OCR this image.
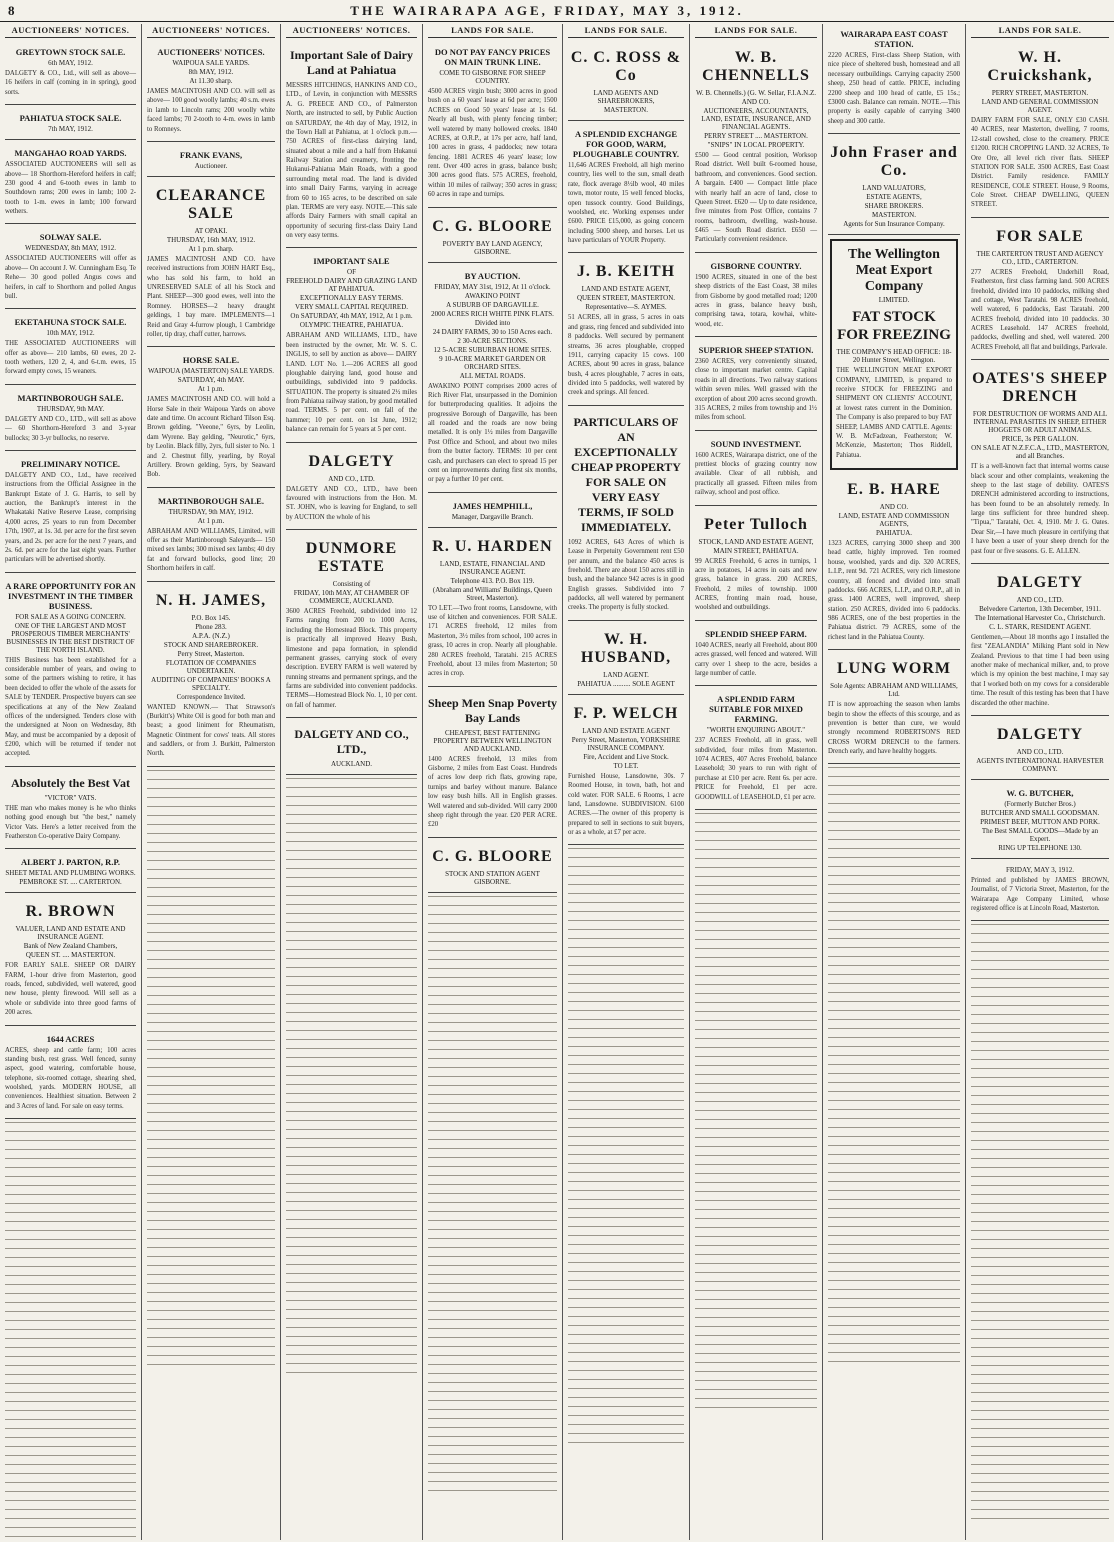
8	THE WAIRARAPA AGE, FRIDAY, MAY 3, 1912.
AUCTIONEERS' NOTICES.
GREYTOWN STOCK SALE.
6th MAY, 1912.

DALGETY & CO., Ltd., will sell as above— 16 heifers in calf (coming in in spring), good sorts.

PAHIATUA STOCK SALE.
7th MAY, 1912.
MANGAHAO ROAD YARDS.

ASSOCIATED AUCTIONEERS will sell as above— 18 Shorthorn-Hereford heifers in calf; 230 good 4 and 6-tooth ewes in lamb to Southdown rams; 200 ewes in lamb; 100 2-tooth to 1-m. ewes in lamb; 100 forward wethers.

SOLWAY SALE.
WEDNESDAY, 8th MAY, 1912.

ASSOCIATED AUCTIONEERS will offer as above— On account J. W. Cunningham Esq. Te Rehe— 30 good polled Angus cows and heifers, in calf to Shorthorn and polled Angus bull.

EKETAHUNA STOCK SALE.
10th MAY, 1912.

THE ASSOCIATED AUCTIONEERS will offer as above— 210 lambs, 60 ewes, 20 2-tooth wethers, 120 2, 4, and 6-t.m. ewes, 15 forward empty cows, 15 weaners.

MARTINBOROUGH SALE.
THURSDAY, 9th MAY.

DALGETY AND CO., LTD., will sell as above— 60 Shorthorn-Hereford 3 and 3-year bullocks; 30 3-yr bullocks, no reserve.

PRELIMINARY NOTICE.

DALGETY AND CO., Ltd., have received instructions from the Official Assignee in the Bankrupt Estate of J. G. Harris, to sell by auction, the Bankrupt's interest in the Whakataki Native Reserve Lease, comprising 4,000 acres, 25 years to run from December 17th, 1907, at 1s. 3d. per acre for the first seven years, and 2s. per acre for the next 7 years, and 2s. 6d. per acre for the last eight years. Further particulars will be advertised shortly.

A RARE OPPORTUNITY FOR AN INVESTMENT IN THE TIMBER BUSINESS.
FOR SALE AS A GOING CONCERN.
ONE OF THE LARGEST AND MOST PROSPEROUS TIMBER MERCHANTS' BUSINESSES IN THE BEST DISTRICT OF THE NORTH ISLAND.

THIS Business has been established for a considerable number of years, and owing to some of the partners wishing to retire, it has been decided to offer the whole of the assets for SALE by TENDER. Prospective buyers can see specifications at any of the New Zealand offices of the undersigned. Tenders close with the undersigned at Noon on Wednesday, 8th May, and must be accompanied by a deposit of £200, which will be returned if tender not accepted.

Absolutely the Best Vat
"VICTOR" VATS.

THE man who makes money is he who thinks nothing good enough but "the best," namely Victor Vats. Here's a letter received from the Featherston Co-operative Dairy Company.

ALBERT J. PARTON, R.P.
SHEET METAL AND PLUMBING WORKS.
PEMBROKE ST. .... CARTERTON.
R. BROWN
VALUER, LAND AND ESTATE AND INSURANCE AGENT.
Bank of New Zealand Chambers,
QUEEN ST. .... MASTERTON.

FOR EARLY SALE. SHEEP OR DAIRY FARM, 1-hour drive from Masterton, good roads, fenced, subdivided, well watered, good new house, plenty firewood. Will sell as a whole or subdivide into three good farms of 200 acres.

1644 ACRES

ACRES, sheep and cattle farm; 100 acres standing bush, rest grass. Well fenced, sunny aspect, good watering, comfortable house, telephone, six-roomed cottage, shearing shed, woolshed, yards. MODERN HOUSE, all conveniences. Healthiest situation. Between 2 and 3 Acres of land. For sale on easy terms.

AUCTIONEERS' NOTICES.
AUCTIONEERS' NOTICES.
WAIPOUA SALE YARDS.
8th MAY, 1912.
At 11.30 sharp.

JAMES MACINTOSH AND CO. will sell as above— 100 good woolly lambs; 40 s.m. ewes in lamb to Lincoln rams; 200 woolly white faced lambs; 70 2-tooth to 4-m. ewes in lamb to Romneys.

FRANK EVANS,
Auctioneer.
CLEARANCE SALE
AT OPAKI.
THURSDAY, 16th MAY, 1912.
At 1 p.m. sharp.

JAMES MACINTOSH AND CO. have received instructions from JOHN HART Esq., who has sold his farm, to hold an UNRESERVED SALE of all his Stock and Plant. SHEEP—300 good ewes, well into the Romney. HORSES—2 heavy draught geldings, 1 bay mare. IMPLEMENTS—1 Reid and Gray 4-furrow plough, 1 Cambridge roller, tip dray, chaff cutter, harrows.

HORSE SALE.
WAIPOUA (MASTERTON) SALE YARDS.
SATURDAY, 4th MAY.
At 1 p.m.

JAMES MACINTOSH AND CO. will hold a Horse Sale in their Waipoua Yards on above date and time. On account Richard Tilson Esq. Brown gelding, "Veeone," 6yrs, by Leolin, dam Wyrene. Bay gelding, "Neurotic," 6yrs, by Leolin. Black filly, 2yrs, full sister to No. 1 and 2. Chestnut filly, yearling, by Royal Artillery. Brown gelding, 5yrs, by Seaward Bob.

MARTINBOROUGH SALE.
THURSDAY, 9th MAY, 1912.
At 1 p.m.

ABRAHAM AND WILLIAMS, Limited, will offer as their Martinborough Saleyards— 150 mixed sex lambs; 300 mixed sex lambs; 40 dry fat and forward bullocks, good line; 20 Shorthorn heifers in calf.

N. H. JAMES,
P.O. Box 145.
Phone 283.
A.P.A. (N.Z.)
STOCK AND SHAREBROKER.
Perry Street, Masterton.
FLOTATION OF COMPANIES UNDERTAKEN.
AUDITING OF COMPANIES' BOOKS A SPECIALTY.
Correspondence Invited.

WANTED KNOWN.— That Strawson's (Burkitt's) White Oil is good for both man and beast; a good liniment for Rheumatism, Magnetic Ointment for cows' teats. All stores and saddlers, or from J. Burkitt, Palmerston North.

AUCTIONEERS' NOTICES.
Important Sale of Dairy Land at Pahiatua

MESSRS HITCHINGS, HANKINS AND CO., LTD., of Levin, in conjunction with MESSRS A. G. PREECE AND CO., of Palmerston North, are instructed to sell, by Public Auction on SATURDAY, the 4th day of May, 1912, in the Town Hall at Pahiatua, at 1 o'clock p.m.— 750 ACRES of first-class dairying land, situated about a mile and a half from Hukanui Railway Station and creamery, fronting the Hukanui-Pahiatua Main Roads, with a good surrounding metal road. The land is divided into small Dairy Farms, varying in acreage from 60 to 165 acres, to be described on sale plan. TERMS are very easy. NOTE.—This sale affords Dairy Farmers with small capital an opportunity of securing first-class Dairy Land on very easy terms.

IMPORTANT SALE
OF
FREEHOLD DAIRY AND GRAZING LAND AT PAHIATUA.
EXCEPTIONALLY EASY TERMS.
VERY SMALL CAPITAL REQUIRED.
On SATURDAY, 4th MAY, 1912, At 1 p.m.
OLYMPIC THEATRE, PAHIATUA.

ABRAHAM AND WILLIAMS, LTD., have been instructed by the owner, Mr. W. S. C. INGLIS, to sell by auction as above— DAIRY LAND. LOT No. 1.—206 ACRES all good ploughable dairying land, good house and outbuildings, subdivided into 9 paddocks. SITUATION. The property is situated 2½ miles from Pahiatua railway station, by good metalled road. TERMS. 5 per cent. on fall of the hammer; 10 per cent. on 1st June, 1912; balance can remain for 5 years at 5 per cent.

DALGETY
AND CO., LTD.

DALGETY AND CO., LTD., have been favoured with instructions from the Hon. M. ST. JOHN, who is leaving for England, to sell by AUCTION the whole of his

DUNMORE ESTATE
Consisting of
FRIDAY, 10th MAY, AT CHAMBER OF COMMERCE, AUCKLAND.

3600 ACRES Freehold, subdivided into 12 Farms ranging from 200 to 1000 Acres, including the Homestead Block. This property is practically all improved Heavy Bush, limestone and papa formation, in splendid permanent grasses, carrying stock of every description. EVERY FARM is well watered by running streams and permanent springs, and the farms are subdivided into convenient paddocks. TERMS—Homestead Block No. 1, 10 per cent. on fall of hammer.

DALGETY AND CO., LTD.,
AUCKLAND.

LANDS FOR SALE.
DO NOT PAY FANCY PRICES ON MAIN TRUNK LINE.
COME TO GISBORNE FOR SHEEP COUNTRY.

4500 ACRES virgin bush; 3000 acres in good bush on a 60 years' lease at 6d per acre; 1500 ACRES on Good 50 years' lease at 1s 6d. Nearly all bush, with plenty fencing timber; well watered by many hollowed creeks. 1840 ACRES, at O.R.P., at 17s per acre, half land, 100 acres in grass, 4 paddocks; new totara fencing. 1881 ACRES 46 years' lease; low rent. Over 400 acres in grass, balance bush; 300 acres good flats. 575 ACRES, freehold, within 10 miles of railway; 350 acres in grass; 60 acres in rape and turnips.

C. G. BLOORE
POVERTY BAY LAND AGENCY, GISBORNE.
BY AUCTION.
FRIDAY, MAY 31st, 1912, At 11 o'clock.
AWAKINO POINT
A SUBURB OF DARGAVILLE.
2000 ACRES RICH WHITE PINK FLATS.
Divided into
24 DAIRY FARMS, 30 to 150 Acres each.
2 30-ACRE SECTIONS.
12 5-ACRE SUBURBAN HOME SITES.
9 10-ACRE MARKET GARDEN OR ORCHARD SITES.
ALL METAL ROADS.

AWAKINO POINT comprises 2000 acres of Rich River Flat, unsurpassed in the Dominion for butterproducing qualities. It adjoins the progressive Borough of Dargaville, has been all roaded and the roads are now being metalled. It is only 1½ miles from Dargaville Post Office and School, and about two miles from the butter factory. TERMS: 10 per cent cash, and purchasers can elect to spread 15 per cent on improvements during first six months, or pay a further 10 per cent.

JAMES HEMPHILL,
Manager, Dargaville Branch.
R. U. HARDEN
LAND, ESTATE, FINANCIAL AND INSURANCE AGENT.
Telephone 413. P.O. Box 119.
(Abraham and Williams' Buildings, Queen Street, Masterton).

TO LET.—Two front rooms, Lansdowne, with use of kitchen and conveniences. FOR SALE. 171 ACRES freehold, 12 miles from Masterton, 3½ miles from school, 100 acres in grass, 10 acres in crop. Nearly all ploughable. 280 ACRES freehold, Taratahi. 215 ACRES Freehold, about 13 miles from Masterton; 50 acres in crop.

Sheep Men Snap Poverty Bay Lands
CHEAPEST, BEST FATTENING PROPERTY BETWEEN WELLINGTON AND AUCKLAND.

1400 ACRES freehold, 13 miles from Gisborne, 2 miles from East Coast. Hundreds of acres low deep rich flats, growing rape, turnips and barley without manure. Balance low easy bush hills. All in English grasses. Well watered and sub-divided. Will carry 2000 sheep right through the year. £20 PER ACRE. £20

C. G. BLOORE
STOCK AND STATION AGENT GISBORNE.

LANDS FOR SALE.
C. C. ROSS & Co
LAND AGENTS AND SHAREBROKERS,
MASTERTON.
A SPLENDID EXCHANGE FOR GOOD, WARM, PLOUGHABLE COUNTRY.

11,646 ACRES Freehold, all high merino country, lies well to the sun, small death rate, flock average 8½lb wool, 40 miles town, motor route, 15 well fenced blocks, open tussock country. Good Buildings, woolshed, etc. Working expenses under £600. PRICE £15,000, as going concern including 5000 sheep, and horses. Let us have particulars of YOUR Property.

J. B. KEITH
LAND AND ESTATE AGENT,
QUEEN STREET, MASTERTON.
Representative—S. AYMES.

51 ACRES, all in grass, 5 acres in oats and grass, ring fenced and subdivided into 8 paddocks. Well secured by permanent streams, 36 acres ploughable, cropped 1911, carrying capacity 15 cows. 100 ACRES, about 90 acres in grass, balance bush, 4 acres ploughable, 7 acres in oats, divided into 5 paddocks, well watered by creek and springs. All fenced.

PARTICULARS OF AN EXCEPTIONALLY CHEAP PROPERTY FOR SALE ON VERY EASY TERMS, IF SOLD IMMEDIATELY.

1092 ACRES, 643 Acres of which is Lease in Perpetuity Government rent £50 per annum, and the balance 450 acres is freehold. There are about 150 acres still in bush, and the balance 942 acres is in good English grasses. Subdivided into 7 paddocks, all well watered by permanent creeks. The property is fully stocked.

W. H. HUSBAND,
LAND AGENT.
PAHIATUA .......... SOLE AGENT
F. P. WELCH
LAND AND ESTATE AGENT
Perry Street, Masterton, YORKSHIRE INSURANCE COMPANY.
Fire, Accident and Live Stock.
TO LET.

Furnished House, Lansdowne, 30s. 7 Roomed House, in town, bath, hot and cold water. FOR SALE. 6 Rooms, 1 acre land, Lansdowne. SUBDIVISION. 6100 ACRES.—The owner of this property is prepared to sell in sections to suit buyers, or as a whole, at £7 per acre.

LANDS FOR SALE.
W. B. CHENNELLS
W. B. Chennells.) (G. W. Sellar, F.I.A.N.Z.
AND CO.
AUCTIONEERS, ACCOUNTANTS, LAND, ESTATE, INSURANCE, AND FINANCIAL AGENTS.
PERRY STREET .... MASTERTON.
"SNIPS" IN LOCAL PROPERTY.

£500 — Good central position, Worksop Road district. Well built 6-roomed house, bathroom, and conveniences. Good section. A bargain. £400 — Compact little place with nearly half an acre of land, close to Queen Street. £620 — Up to date residence, five minutes from Post Office, contains 7 rooms, bathroom, dwelling, wash-house. £465 — South Road district. £650 — Particularly convenient residence.

GISBORNE COUNTRY.

1900 ACRES, situated in one of the best sheep districts of the East Coast, 38 miles from Gisborne by good metalled road; 1200 acres in grass, balance heavy bush, comprising tawa, totara, kowhai, white-wood, etc.

SUPERIOR SHEEP STATION.

2360 ACRES, very conveniently situated, close to important market centre. Capital roads in all directions. Two railway stations within seven miles. Well grassed with the exception of about 200 acres second growth. 315 ACRES, 2 miles from township and 1½ miles from school.

SOUND INVESTMENT.

1600 ACRES, Wairarapa district, one of the prettiest blocks of grazing country now available. Clear of all rubbish, and practically all grassed. Fifteen miles from railway, school and post office.

Peter Tulloch
STOCK, LAND AND ESTATE AGENT,
MAIN STREET, PAHIATUA.

99 ACRES Freehold, 6 acres in turnips, 1 acre in potatoes, 14 acres in oats and new grass, balance in grass. 200 ACRES, Freehold, 2 miles of township. 1000 ACRES, fronting main road, house, woolshed and outbuildings.

SPLENDID SHEEP FARM.

1040 ACRES, nearly all Freehold, about 800 acres grassed, well fenced and watered. Will carry over 1 sheep to the acre, besides a large number of cattle.

A SPLENDID FARM SUITABLE FOR MIXED FARMING.
"WORTH ENQUIRING ABOUT."

237 ACRES Freehold, all in grass, well subdivided, four miles from Masterton. 1074 ACRES, 407 Acres Freehold, balance Leasehold; 30 years to run with right of purchase at £10 per acre. Rent 6s. per acre. PRICE for Freehold, £1 per acre. GOODWILL of LEASEHOLD, £1 per acre.

WAIRARAPA EAST COAST STATION.

2220 ACRES, First-class Sheep Station, with nice piece of sheltered bush, homestead and all necessary outbuildings. Carrying capacity 2500 sheep, 250 head of cattle. PRICE, including 2200 sheep and 100 head of cattle, £5 15s.; £3000 cash. Balance can remain. NOTE.—This property is easily capable of carrying 3400 sheep and 300 cattle.

John Fraser and Co.
LAND VALUATORS,
ESTATE AGENTS,
SHARE BROKERS.
MASTERTON.
Agents for Sun Insurance Company.
The Wellington Meat Export Company
LIMITED.
FAT STOCK FOR FREEZING
THE COMPANY'S HEAD OFFICE: 18-20 Hunter Street, Wellington.

THE WELLINGTON MEAT EXPORT COMPANY, LIMITED, is prepared to receive STOCK for FREEZING and SHIPMENT ON CLIENTS' ACCOUNT, at lowest rates current in the Dominion. The Company is also prepared to buy FAT SHEEP, LAMBS AND CATTLE. Agents: W. B. McFadzean, Featherston; W. McKenzie, Masterton; Thos Riddell, Pahiatua.

E. B. HARE
AND CO.
LAND, ESTATE AND COMMISSION AGENTS,
PAHIATUA.

1323 ACRES, carrying 3000 sheep and 300 head cattle, highly improved. Ten roomed house, woolshed, yards and dip. 320 ACRES, L.I.P., rent 9d. 721 ACRES, very rich limestone country, all fenced and divided into small paddocks. 666 ACRES, L.I.P., and O.R.P., all in grass. 1400 ACRES, well improved, sheep station. 250 ACRES, divided into 6 paddocks. 986 ACRES, one of the best properties in the Pahiatua district. 79 ACRES, some of the richest land in the Pahiatua County.

LUNG WORM
Sole Agents: ABRAHAM AND WILLIAMS, Ltd.

IT is now approaching the season when lambs begin to show the effects of this scourge, and as prevention is better than cure, we would strongly recommend ROBERTSON'S RED CROSS WORM DRENCH to the farmers. Drench early, and have healthy hoggets.

LANDS FOR SALE.
W. H. Cruickshank,
PERRY STREET, MASTERTON.
LAND AND GENERAL COMMISSION AGENT.

DAIRY FARM FOR SALE, ONLY £30 CASH. 40 ACRES, near Masterton, dwelling, 7 rooms, 12-stall cowshed, close to the creamery. PRICE £1200. RICH CROPPING LAND. 32 ACRES, Te Ore Ore, all level rich river flats. SHEEP STATION FOR SALE. 3500 ACRES, East Coast District. Family residence. FAMILY RESIDENCE, COLE STREET. House, 9 Rooms, Cole Street. CHEAP DWELLING, QUEEN STREET.

FOR SALE
THE CARTERTON TRUST AND AGENCY CO., LTD., CARTERTON.

277 ACRES Freehold, Underhill Road, Featherston, first class farming land. 500 ACRES freehold, divided into 10 paddocks, milking shed and cottage, West Taratahi. 98 ACRES freehold, well watered, 6 paddocks, East Taratahi. 200 ACRES freehold, divided into 10 paddocks. 30 ACRES Leasehold. 147 ACRES freehold, paddocks, dwelling and shed, well watered. 200 ACRES Freehold, all flat and buildings, Parkvale.

OATES'S SHEEP DRENCH
FOR DESTRUCTION OF WORMS AND ALL INTERNAL PARASITES IN SHEEP, EITHER HOGGETS OR ADULT ANIMALS.
PRICE, 3s PER GALLON.
ON SALE AT N.Z.F.C.A., LTD., MASTERTON, and all Branches.

IT is a well-known fact that internal worms cause black scour and other complaints, weakening the sheep to the last stage of debility. OATES'S DRENCH administered according to instructions, has been found to be an absolutely remedy. In large tins sufficient for three hundred sheep. "Tipua," Taratahi, Oct. 4, 1910. Mr J. G. Oates. Dear Sir,—I have much pleasure in certifying that I have been a user of your sheep drench for the past four or five seasons. G. E. ALLEN.

DALGETY
AND CO., LTD.
Belvedere Carterton, 13th December, 1911.
The International Harvester Co., Christchurch.
C. L. STARK, RESIDENT AGENT.

Gentlemen,—About 18 months ago I installed the first "ZEALANDIA" Milking Plant sold in New Zealand. Previous to that time I had been using another make of mechanical milker, and, to prove which is my opinion the best machine, I may say that I worked both on my cows for a considerable time. The result of this testing has been that I have discarded the other machine.

DALGETY
AND CO., LTD.
AGENTS INTERNATIONAL HARVESTER COMPANY.
W. G. BUTCHER,
(Formerly Butcher Bros.)
BUTCHER AND SMALL GOODSMAN.
PRIMEST BEEF, MUTTON AND PORK.
The Best SMALL GOODS—Made by an Expert.
RING UP TELEPHONE 130.
FRIDAY, MAY 3, 1912.

Printed and published by JAMES BROWN, Journalist, of 7 Victoria Street, Masterton, for the Wairarapa Age Company Limited, whose registered office is at Lincoln Road, Masterton.
